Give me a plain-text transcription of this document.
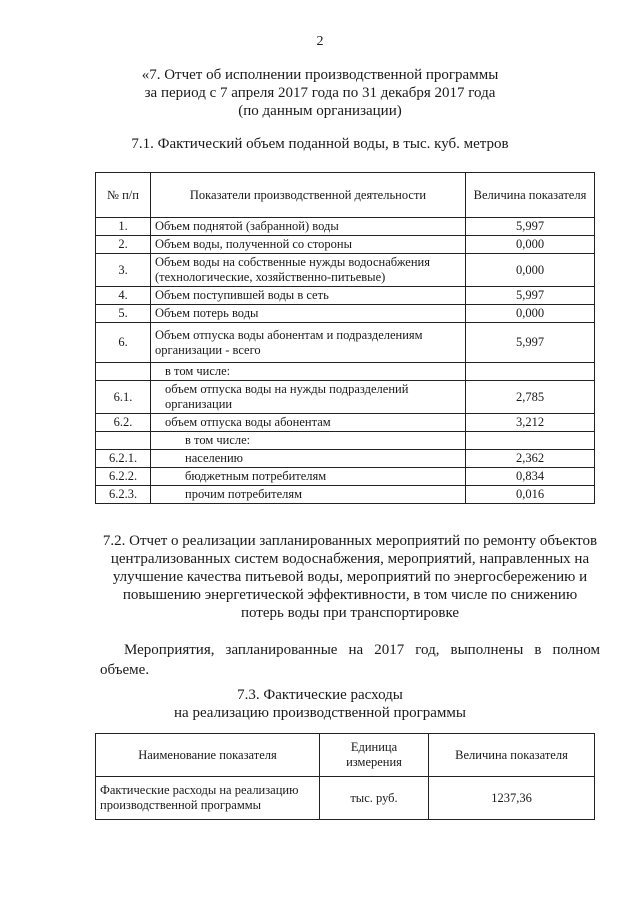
2
«7. Отчет об исполнении производственной программы
за период с 7 апреля 2017 года по 31 декабря 2017 года
(по данным организации)
7.1. Фактический объем поданной воды, в тыс. куб. метров
№ п/п	Показатели производственной деятельности	Величина показателя
1.	Объем поднятой (забранной) воды	5,997
2.	Объем воды, полученной со стороны	0,000
3.	Объем воды на собственные нужды водоснабжения (технологические, хозяйственно-питьевые)	0,000
4.	Объем поступившей воды в сеть	5,997
5.	Объем потерь воды	0,000
6.	Объем отпуска воды абонентам и подразделениям организации - всего	5,997
	в том числе:	
6.1.	объем отпуска воды на нужды подразделений организации	2,785
6.2.	объем отпуска воды абонентам	3,212
	в том числе:	
6.2.1.	населению	2,362
6.2.2.	бюджетным потребителям	0,834
6.2.3.	прочим потребителям	0,016
7.2. Отчет о реализации запланированных мероприятий по ремонту объектов централизованных систем водоснабжения, мероприятий, направленных на улучшение качества питьевой воды, мероприятий по энергосбережению и повышению энергетической эффективности, в том числе по снижению потерь воды при транспортировке
Мероприятия, запланированные на 2017 год, выполнены в полном объеме.
7.3. Фактические расходы
на реализацию производственной программы
Наименование показателя	Единица измерения	Величина показателя
Фактические расходы на реализацию производственной программы	тыс. руб.	1237,36
